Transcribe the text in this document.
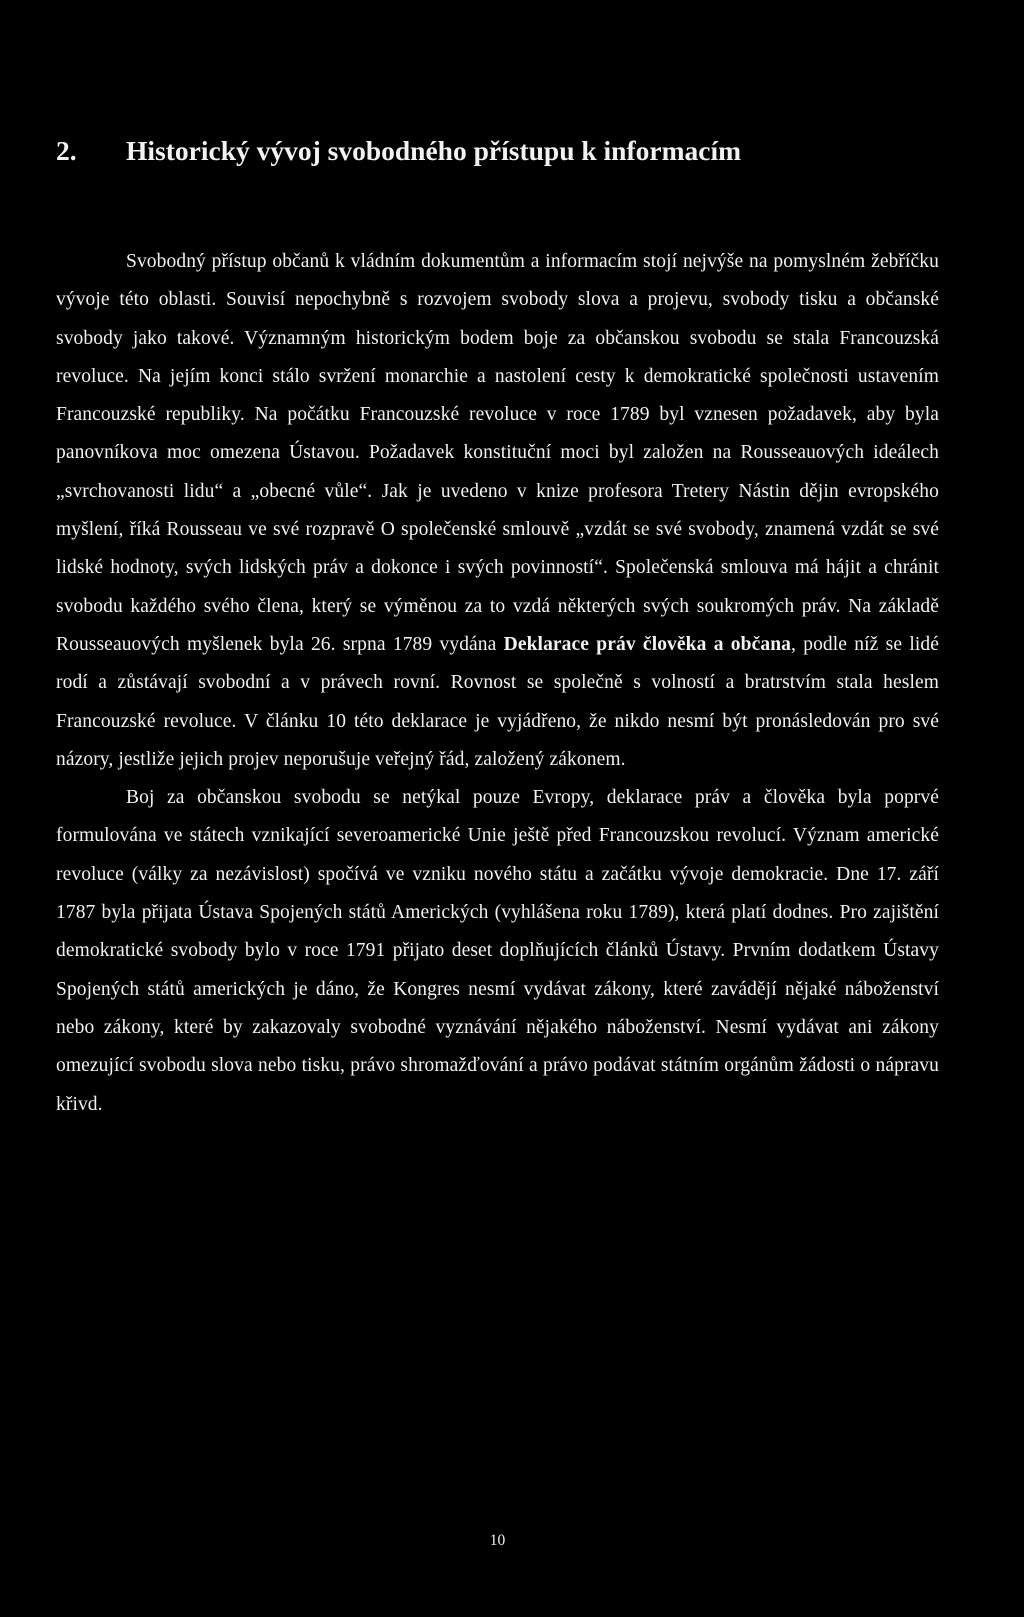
2. Historický vývoj svobodného přístupu k informacím

Svobodný přístup občanů k vládním dokumentům a informacím stojí nejvýše na pomyslném žebříčku vývoje této oblasti. Souvisí nepochybně s rozvojem svobody slova a projevu, svobody tisku a občanské svobody jako takové. Významným historickým bodem boje za občanskou svobodu se stala Francouzská revoluce. Na jejím konci stálo svržení monarchie a nastolení cesty k demokratické společnosti ustavením Francouzské republiky. Na počátku Francouzské revoluce v roce 1789 byl vznesen požadavek, aby byla panovníkova moc omezena Ústavou. Požadavek konstituční moci byl založen na Rousseauových ideálech „svrchovanosti lidu“ a „obecné vůle“. Jak je uvedeno v knize profesora Tretery Nástin dějin evropského myšlení, říká Rousseau ve své rozpravě O společenské smlouvě „vzdát se své svobody, znamená vzdát se své lidské hodnoty, svých lidských práv a dokonce i svých povinností“. Společenská smlouva má hájit a chránit svobodu každého svého člena, který se výměnou za to vzdá některých svých soukromých práv. Na základě Rousseauových myšlenek byla 26. srpna 1789 vydána Deklarace práv člověka a občana, podle níž se lidé rodí a zůstávají svobodní a v právech rovní. Rovnost se společně s volností a bratrstvím stala heslem Francouzské revoluce. V článku 10 této deklarace je vyjádřeno, že nikdo nesmí být pronásledován pro své názory, jestliže jejich projev neporušuje veřejný řád, založený zákonem.

Boj za občanskou svobodu se netýkal pouze Evropy, deklarace práv a člověka byla poprvé formulována ve státech vznikající severoamerické Unie ještě před Francouzskou revolucí. Význam americké revoluce (války za nezávislost) spočívá ve vzniku nového státu a začátku vývoje demokracie. Dne 17. září 1787 byla přijata Ústava Spojených států Amerických (vyhlášena roku 1789), která platí dodnes. Pro zajištění demokratické svobody bylo v roce 1791 přijato deset doplňujících článků Ústavy. Prvním dodatkem Ústavy Spojených států amerických je dáno, že Kongres nesmí vydávat zákony, které zavádějí nějaké náboženství nebo zákony, které by zakazovaly svobodné vyznávání nějakého náboženství. Nesmí vydávat ani zákony omezující svobodu slova nebo tisku, právo shromažďování a právo podávat státním orgánům žádosti o nápravu křivd.

10
